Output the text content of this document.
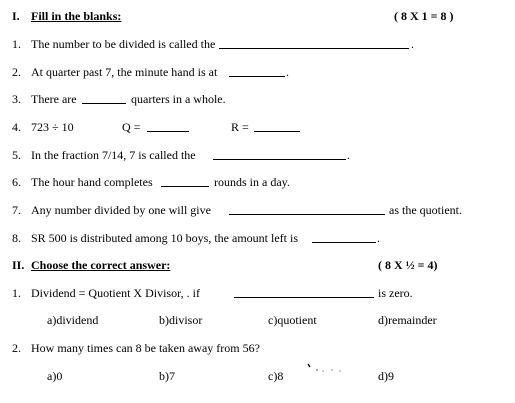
I. Fill in the blanks:	( 8 X 1 = 8 )
1. The number to be divided is called the	.
2. At quarter past 7, the minute hand is at	.
3. There are	quarters in a whole.
4. 723 ÷ 10	Q =	R =
5. In the fraction 7/14, 7 is called the	.
6. The hour hand completes	rounds in a day.
7. Any number divided by one will give	as the quotient.
8. SR 500 is distributed among 10 boys, the amount left is	.
II. Choose the correct answer:	( 8 X ½ = 4)
1. Dividend = Quotient X Divisor, . if	is zero.
a)dividend	b)divisor	c)quotient	d)remainder
2. How many times can 8 be taken away from 56?
a)0	b)7	c)8	d)9
